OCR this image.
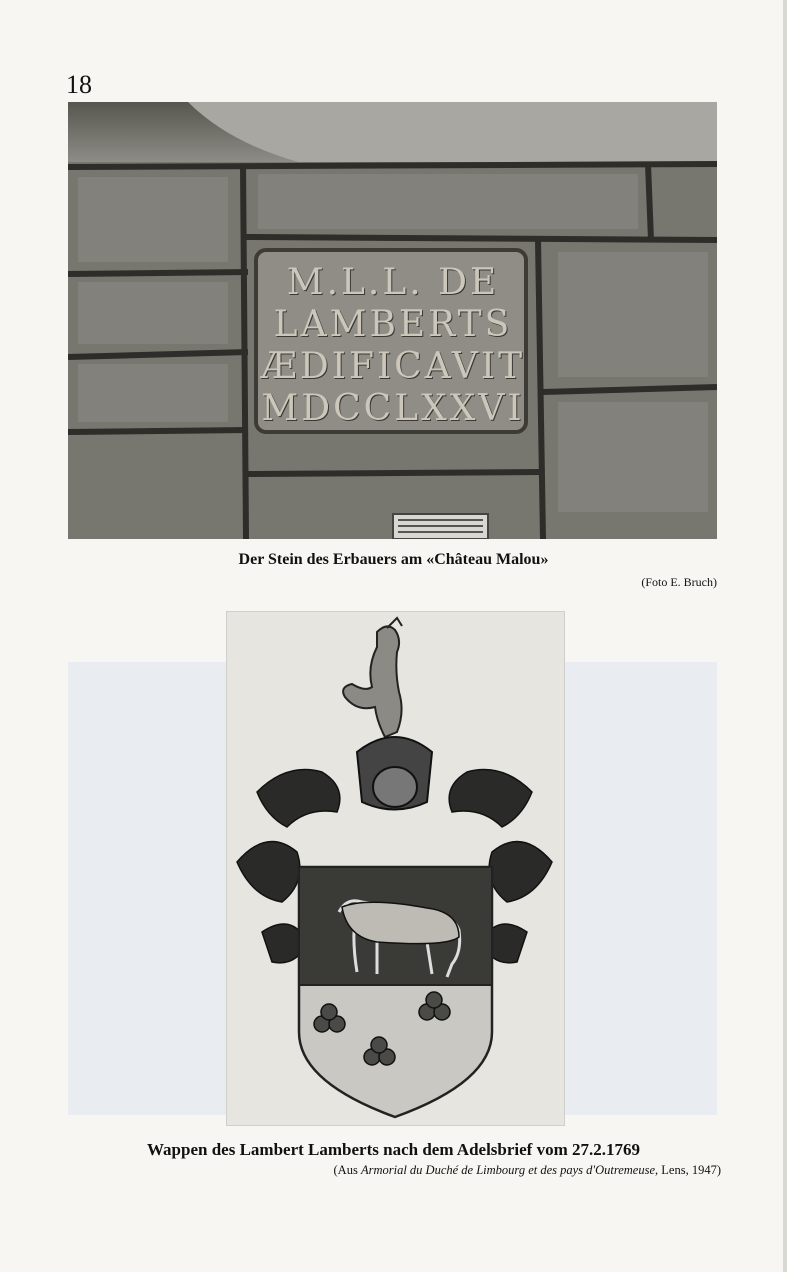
18
M.L.L. DE
LAMBERTS
ÆDIFICAVIT
MDCCLXXVI
Der Stein des Erbauers am «Château Malou»
(Foto E. Bruch)
Wappen des Lambert Lamberts nach dem Adelsbrief vom 27.2.1769
(Aus Armorial du Duché de Limbourg et des pays d'Outremeuse, Lens, 1947)
